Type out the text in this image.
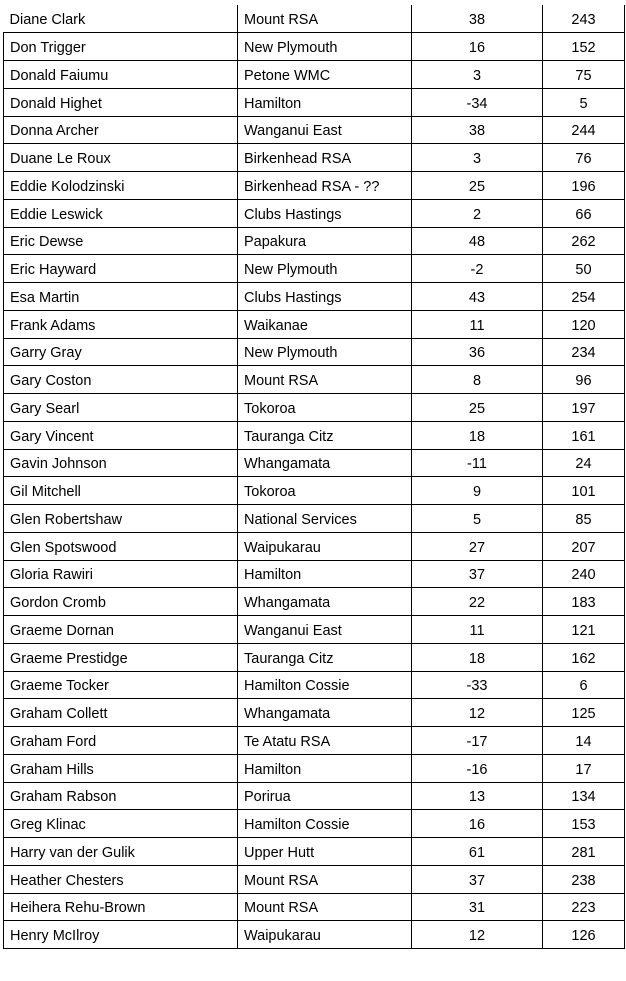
Diane Clark	Mount RSA	38	243
Don Trigger	New Plymouth	16	152
Donald Faiumu	Petone WMC	3	75
Donald Highet	Hamilton	-34	5
Donna Archer	Wanganui East	38	244
Duane Le Roux	Birkenhead RSA	3	76
Eddie Kolodzinski	Birkenhead RSA - ??	25	196
Eddie Leswick	Clubs Hastings	2	66
Eric Dewse	Papakura	48	262
Eric Hayward	New Plymouth	-2	50
Esa Martin	Clubs Hastings	43	254
Frank Adams	Waikanae	11	120
Garry Gray	New Plymouth	36	234
Gary Coston	Mount RSA	8	96
Gary Searl	Tokoroa	25	197
Gary Vincent	Tauranga Citz	18	161
Gavin Johnson	Whangamata	-11	24
Gil Mitchell	Tokoroa	9	101
Glen Robertshaw	National Services	5	85
Glen Spotswood	Waipukarau	27	207
Gloria Rawiri	Hamilton	37	240
Gordon Cromb	Whangamata	22	183
Graeme Dornan	Wanganui East	11	121
Graeme Prestidge	Tauranga Citz	18	162
Graeme Tocker	Hamilton Cossie	-33	6
Graham Collett	Whangamata	12	125
Graham Ford	Te Atatu RSA	-17	14
Graham Hills	Hamilton	-16	17
Graham Rabson	Porirua	13	134
Greg Klinac	Hamilton Cossie	16	153
Harry van der Gulik	Upper Hutt	61	281
Heather Chesters	Mount RSA	37	238
Heihera Rehu-Brown	Mount RSA	31	223
Henry McIlroy	Waipukarau	12	126
